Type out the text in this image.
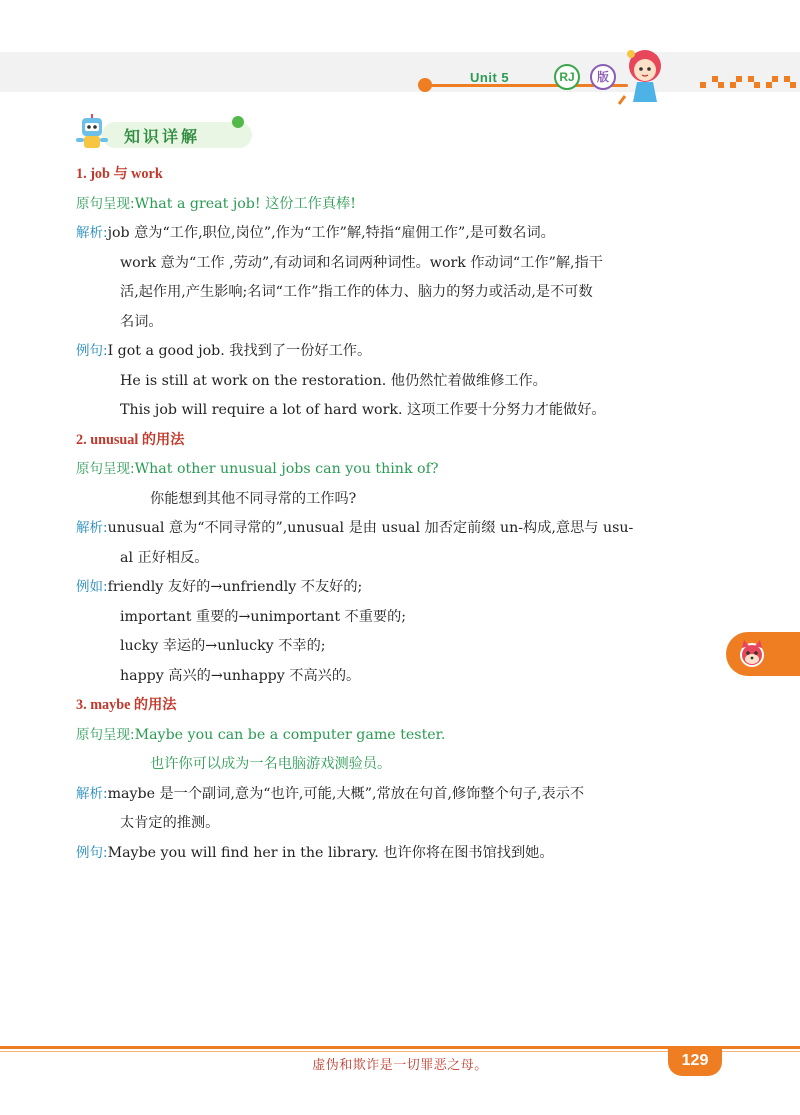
Unit 5	RJ	版
知识详解
1. job 与 work
原句呈现:What a great job! 这份工作真棒!
解析:job 意为“工作,职位,岗位”,作为“工作”解,特指“雇佣工作”,是可数名词。
work 意为“工作 ,劳动”,有动词和名词两种词性。work 作动词“工作”解,指干
活,起作用,产生影响;名词“工作”指工作的体力、脑力的努力或活动,是不可数
名词。
例句:I got a good job. 我找到了一份好工作。
He is still at work on the restoration. 他仍然忙着做维修工作。
This job will require a lot of hard work. 这项工作要十分努力才能做好。
2. unusual 的用法
原句呈现:What other unusual jobs can you think of?
你能想到其他不同寻常的工作吗?
解析:unusual 意为“不同寻常的”,unusual 是由 usual 加否定前缀 un-构成,意思与 usu-
al 正好相反。
例如:friendly 友好的→unfriendly 不友好的;
important 重要的→unimportant 不重要的;
lucky 幸运的→unlucky 不幸的;
happy 高兴的→unhappy 不高兴的。
3. maybe 的用法
原句呈现:Maybe you can be a computer game tester.
也许你可以成为一名电脑游戏测验员。
解析:maybe 是一个副词,意为“也许,可能,大概”,常放在句首,修饰整个句子,表示不
太肯定的推测。
例句:Maybe you will find her in the library. 也许你将在图书馆找到她。
虚伪和欺诈是一切罪恶之母。	129
